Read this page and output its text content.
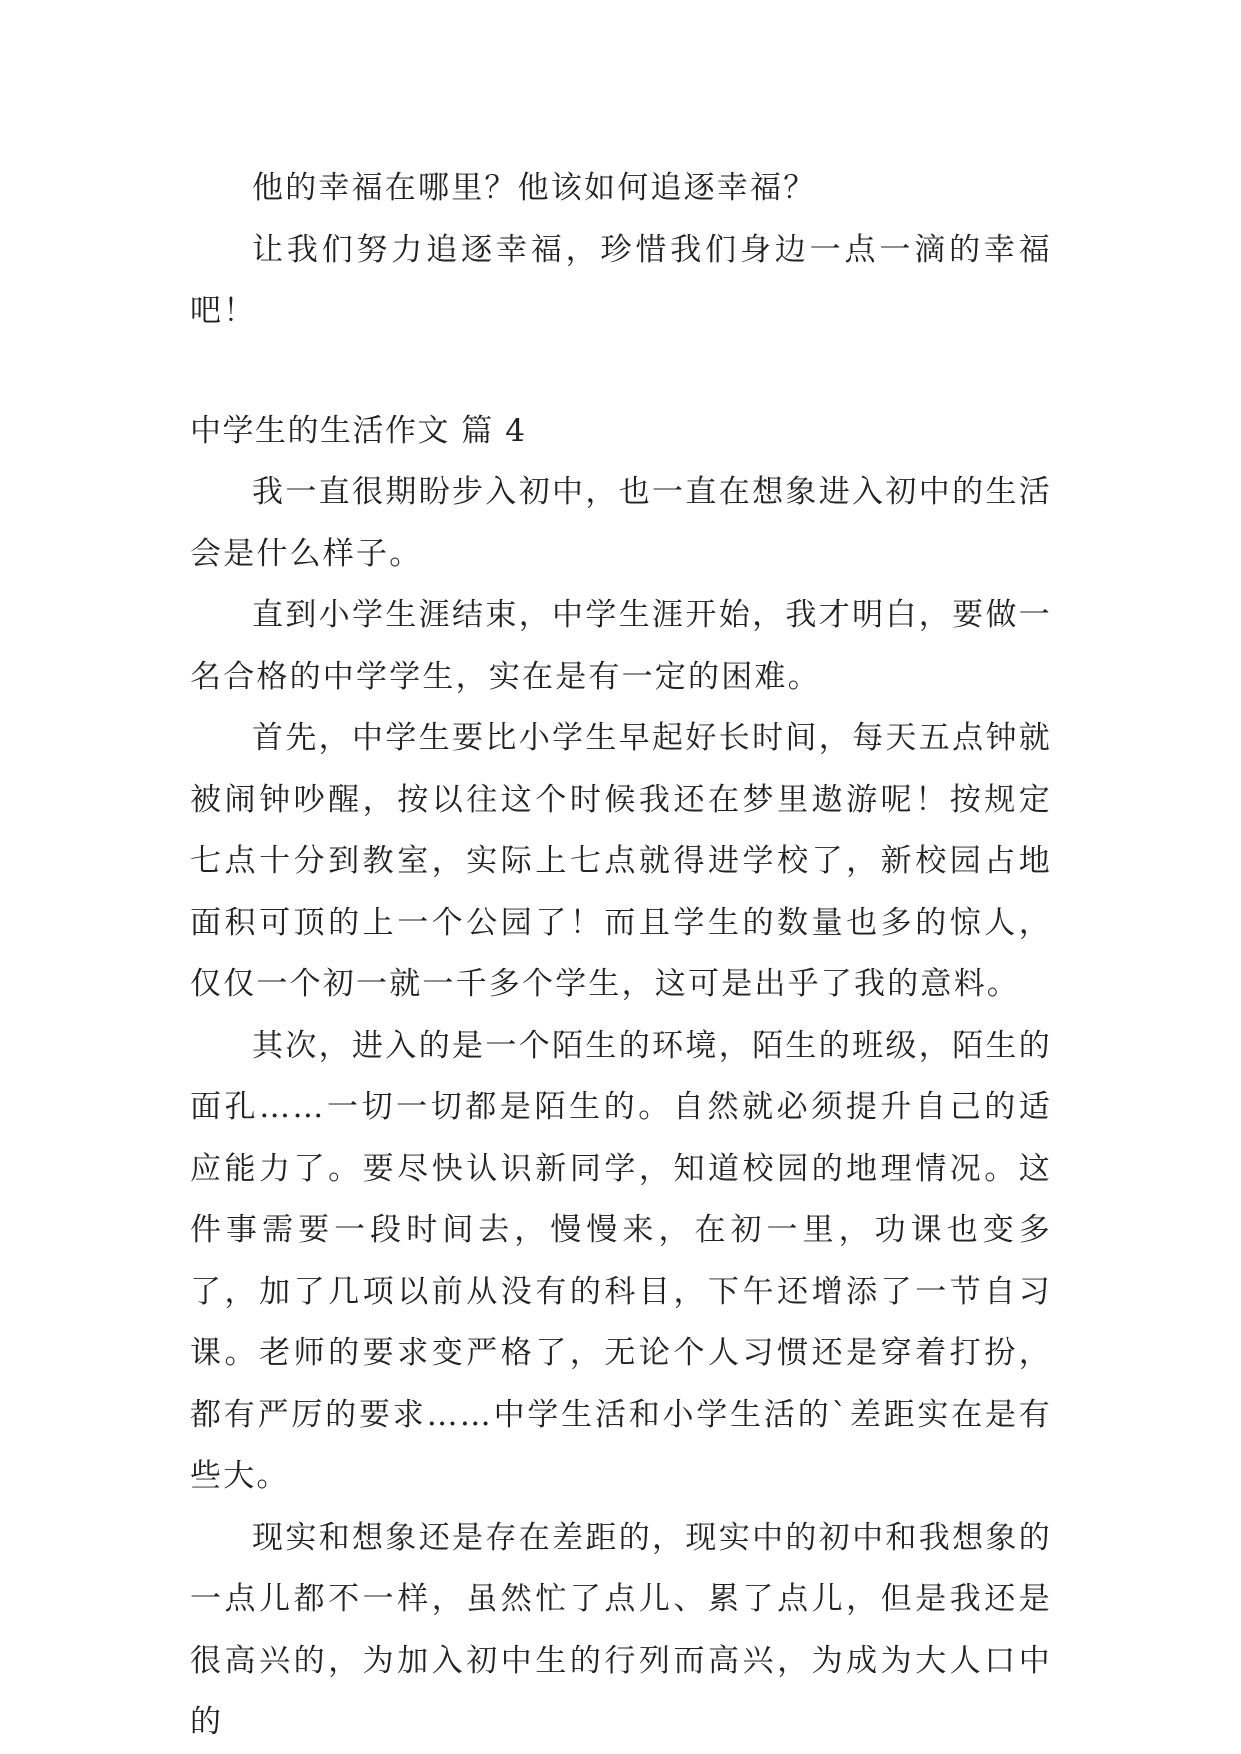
他的幸福在哪里？他该如何追逐幸福？

让我们努力追逐幸福，珍惜我们身边一点一滴的幸福吧！

中学生的生活作文 篇 4

我一直很期盼步入初中，也一直在想象进入初中的生活会是什么样子。

直到小学生涯结束，中学生涯开始，我才明白，要做一名合格的中学学生，实在是有一定的困难。

首先，中学生要比小学生早起好长时间，每天五点钟就被闹钟吵醒，按以往这个时候我还在梦里遨游呢！按规定七点十分到教室，实际上七点就得进学校了，新校园占地面积可顶的上一个公园了！而且学生的数量也多的惊人，仅仅一个初一就一千多个学生，这可是出乎了我的意料。

其次，进入的是一个陌生的环境，陌生的班级，陌生的面孔……一切一切都是陌生的。自然就必须提升自己的适应能力了。要尽快认识新同学，知道校园的地理情况。这件事需要一段时间去，慢慢来，在初一里，功课也变多了，加了几项以前从没有的科目，下午还增添了一节自习课。老师的要求变严格了，无论个人习惯还是穿着打扮，都有严厉的要求……中学生活和小学生活的`差距实在是有些大。

现实和想象还是存在差距的，现实中的初中和我想象的一点儿都不一样，虽然忙了点儿、累了点儿，但是我还是很高兴的，为加入初中生的行列而高兴，为成为大人口中的
